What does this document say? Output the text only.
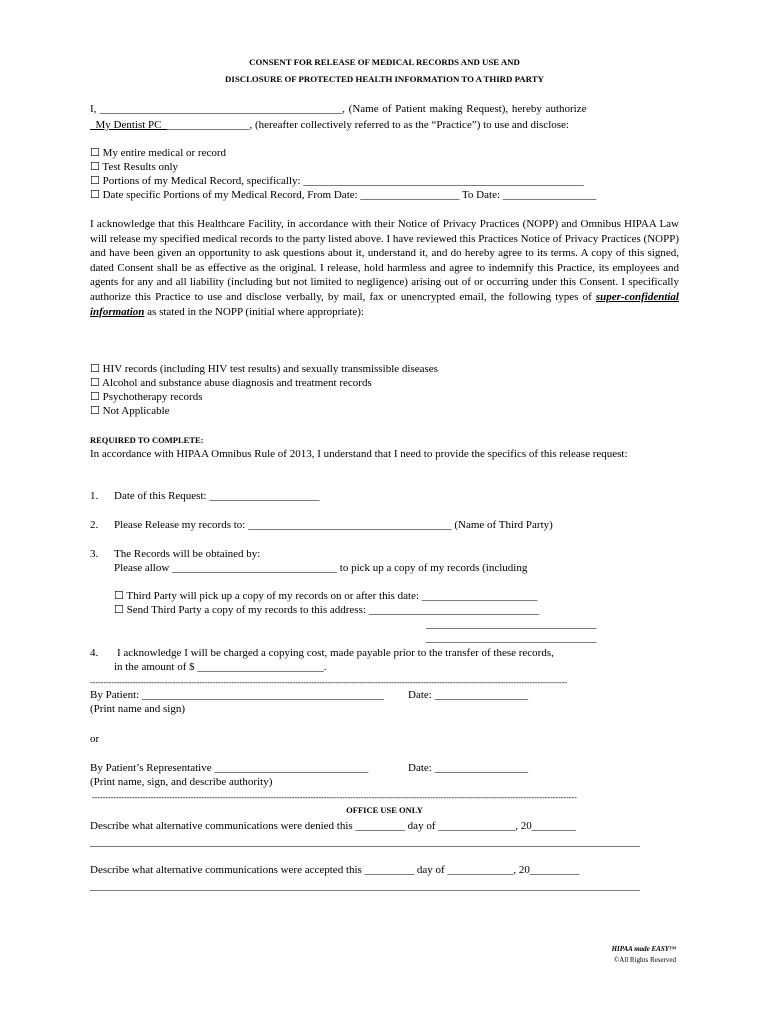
CONSENT FOR RELEASE OF MEDICAL RECORDS AND USE AND
DISCLOSURE OF PROTECTED HEALTH INFORMATION TO A THIRD PARTY
I, ____________________________________________, (Name of Patient making Request), hereby authorize
_My Dentist PC________________, (hereafter collectively referred to as the “Practice”) to use and disclose:
☐ My entire medical or record
☐ Test Results only
☐ Portions of my Medical Record, specifically: ___________________________________________________
☐ Date specific Portions of my Medical Record, From Date: __________________ To Date: _________________
I acknowledge that this Healthcare Facility, in accordance with their Notice of Privacy Practices (NOPP) and Omnibus HIPAA Law will release my specified medical records to the party listed above. I have reviewed this Practices Notice of Privacy Practices (NOPP) and have been given an opportunity to ask questions about it, understand it, and do hereby agree to its terms. A copy of this signed, dated Consent shall be as effective as the original. I release, hold harmless and agree to indemnify this Practice, its employees and agents for any and all liability (including but not limited to negligence) arising out of or occurring under this Consent. I specifically authorize this Practice to use and disclose verbally, by mail, fax or unencrypted email, the following types of super-confidential information as stated in the NOPP (initial where appropriate):
☐ HIV records (including HIV test results) and sexually transmissible diseases
☐ Alcohol and substance abuse diagnosis and treatment records
☐ Psychotherapy records
☐ Not Applicable
REQUIRED TO COMPLETE:
In accordance with HIPAA Omnibus Rule of 2013, I understand that I need to provide the specifics of this release request:
1. Date of this Request: ____________________
2. Please Release my records to: _____________________________________ (Name of Third Party)
3. The Records will be obtained by:
Please allow ______________________________ to pick up a copy of my records (including
☐ Third Party will pick up a copy of my records on or after this date: _____________________
☐ Send Third Party a copy of my records to this address: _______________________________
_______________________________
_______________________________
4. I acknowledge I will be charged a copying cost, made payable prior to the transfer of these records,
in the amount of $ _______________________.
-----------------------------------------------------------------------------------------------------------------------------------------------------------------------------------
By Patient: ____________________________________________ Date: _________________
(Print name and sign)
or
By Patient’s Representative ____________________________	Date: _________________
(Print name, sign, and describe authority)
--------------------------------------------------------------------------------------------------------------------------------------------------------------------------------------
OFFICE USE ONLY
Describe what alternative communications were denied this _________ day of ______________, 20________
____________________________________________________________________________________________________
Describe what alternative communications were accepted this _________ day of ____________, 20_________
____________________________________________________________________________________________________
HIPAA made EASY™
©All Rights Reserved
